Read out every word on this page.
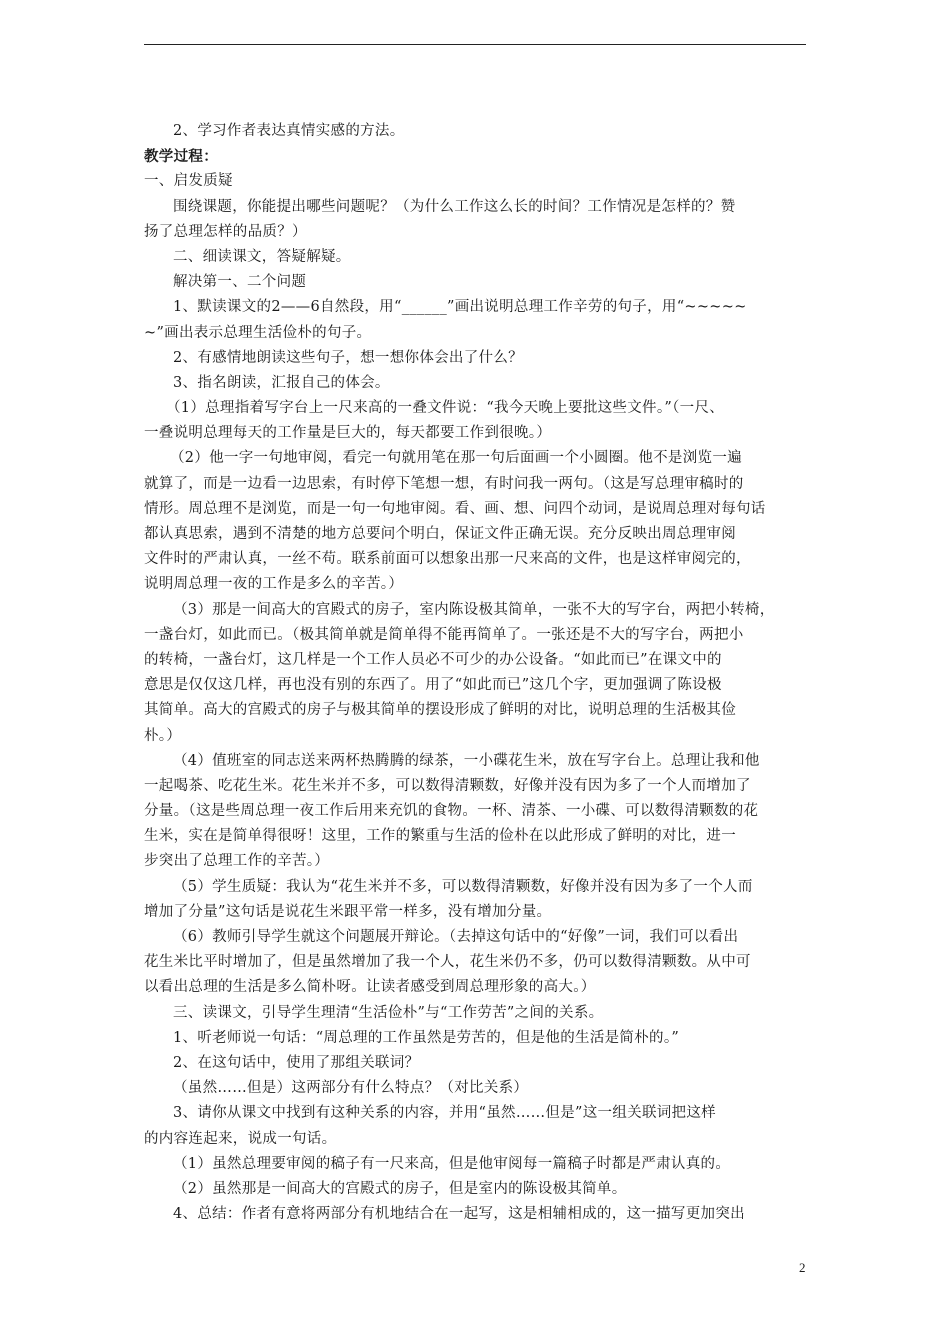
2、学习作者表达真情实感的方法。
教学过程：
一、启发质疑
围绕课题，你能提出哪些问题呢？（为什么工作这么长的时间？工作情况是怎样的？赞
扬了总理怎样的品质？）
二、细读课文，答疑解疑。
解决第一、二个问题
1、默读课文的2——6自然段，用“______”画出说明总理工作辛劳的句子，用“~~~~~
~”画出表示总理生活俭朴的句子。
2、有感情地朗读这些句子，想一想你体会出了什么？
3、指名朗读，汇报自己的体会。
（1）总理指着写字台上一尺来高的一叠文件说：“我今天晚上要批这些文件。”（一尺、
一叠说明总理每天的工作量是巨大的，每天都要工作到很晚。）
（2）他一字一句地审阅，看完一句就用笔在那一句后面画一个小圆圈。他不是浏览一遍
就算了，而是一边看一边思索，有时停下笔想一想，有时问我一两句。（这是写总理审稿时的
情形。周总理不是浏览，而是一句一句地审阅。看、画、想、问四个动词，是说周总理对每句话
都认真思索，遇到不清楚的地方总要问个明白，保证文件正确无误。充分反映出周总理审阅
文件时的严肃认真，一丝不苟。联系前面可以想象出那一尺来高的文件，也是这样审阅完的，
说明周总理一夜的工作是多么的辛苦。）
（3）那是一间高大的宫殿式的房子，室内陈设极其简单，一张不大的写字台，两把小转椅，
一盏台灯，如此而已。（极其简单就是简单得不能再简单了。一张还是不大的写字台，两把小
的转椅，一盏台灯，这几样是一个工作人员必不可少的办公设备。“如此而已”在课文中的
意思是仅仅这几样，再也没有别的东西了。用了“如此而已”这几个字，更加强调了陈设极
其简单。高大的宫殿式的房子与极其简单的摆设形成了鲜明的对比，说明总理的生活极其俭
朴。）
（4）值班室的同志送来两杯热腾腾的绿茶，一小碟花生米，放在写字台上。总理让我和他
一起喝茶、吃花生米。花生米并不多，可以数得清颗数，好像并没有因为多了一个人而增加了
分量。（这是些周总理一夜工作后用来充饥的食物。一杯、清茶、一小碟、可以数得清颗数的花
生米，实在是简单得很呀！这里，工作的繁重与生活的俭朴在以此形成了鲜明的对比，进一
步突出了总理工作的辛苦。）
（5）学生质疑：我认为“花生米并不多，可以数得清颗数，好像并没有因为多了一个人而
增加了分量”这句话是说花生米跟平常一样多，没有增加分量。
（6）教师引导学生就这个问题展开辩论。（去掉这句话中的“好像”一词，我们可以看出
花生米比平时增加了，但是虽然增加了我一个人，花生米仍不多，仍可以数得清颗数。从中可
以看出总理的生活是多么简朴呀。让读者感受到周总理形象的高大。）
三、读课文，引导学生理清“生活俭朴”与“工作劳苦”之间的关系。
1、听老师说一句话：“周总理的工作虽然是劳苦的，但是他的生活是简朴的。”
2、在这句话中，使用了那组关联词？
（虽然……但是）这两部分有什么特点？（对比关系）
3、请你从课文中找到有这种关系的内容，并用“虽然……但是”这一组关联词把这样
的内容连起来，说成一句话。
（1）虽然总理要审阅的稿子有一尺来高，但是他审阅每一篇稿子时都是严肃认真的。
（2）虽然那是一间高大的宫殿式的房子，但是室内的陈设极其简单。
4、总结：作者有意将两部分有机地结合在一起写，这是相辅相成的，这一描写更加突出
2
